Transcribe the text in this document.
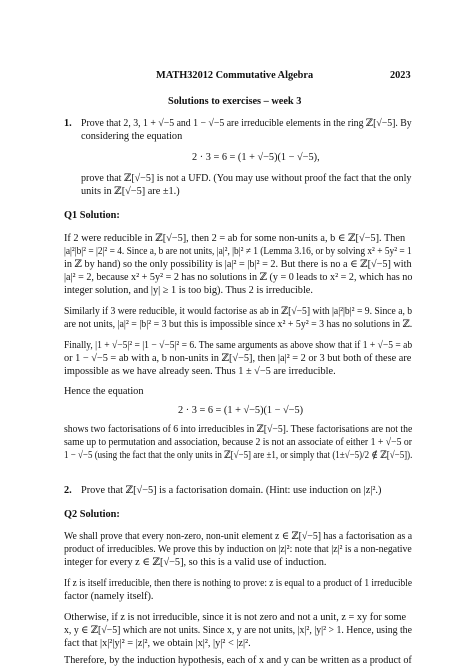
MATH32012 Commutative Algebra	2023
Solutions to exercises – week 3
1. Prove that 2, 3, 1 + √−5 and 1 − √−5 are irreducible elements in the ring ℤ[√−5]. By
considering the equation
2 · 3 = 6 = (1 + √−5)(1 − √−5),
prove that ℤ[√−5] is not a UFD. (You may use without proof the fact that the only
units in ℤ[√−5] are ±1.)
Q1 Solution:
If 2 were reducible in ℤ[√−5], then 2 = ab for some non-units a, b ∈ ℤ[√−5]. Then
|a|²|b|² = |2|² = 4. Since a, b are not units, |a|², |b|² ≠ 1 (Lemma 3.16, or by solving x² + 5y² = 1
in ℤ by hand) so the only possibility is |a|² = |b|² = 2. But there is no a ∈ ℤ[√−5] with
|a|² = 2, because x² + 5y² = 2 has no solutions in ℤ (y = 0 leads to x² = 2, which has no
integer solution, and |y| ≥ 1 is too big). Thus 2 is irreducible.
Similarly if 3 were reducible, it would factorise as ab in ℤ[√−5] with |a|²|b|² = 9. Since a, b
are not units, |a|² = |b|² = 3 but this is impossible since x² + 5y² = 3 has no solutions in ℤ.
Finally, |1 + √−5|² = |1 − √−5|² = 6. The same arguments as above show that if 1 + √−5 = ab
or 1 − √−5 = ab with a, b non-units in ℤ[√−5], then |a|² = 2 or 3 but both of these are
impossible as we have already seen. Thus 1 ± √−5 are irreducible.
Hence the equation
2 · 3 = 6 = (1 + √−5)(1 − √−5)
shows two factorisations of 6 into irreducibles in ℤ[√−5]. These factorisations are not the
same up to permutation and association, because 2 is not an associate of either 1 + √−5 or
1 − √−5 (using the fact that the only units in ℤ[√−5] are ±1, or simply that (1±√−5)/2 ∉ ℤ[√−5]).
2. Prove that ℤ[√−5] is a factorisation domain. (Hint: use induction on |z|².)
Q2 Solution:
We shall prove that every non-zero, non-unit element z ∈ ℤ[√−5] has a factorisation as a
product of irreducibles. We prove this by induction on |z|²: note that |z|² is a non-negative
integer for every z ∈ ℤ[√−5], so this is a valid use of induction.
If z is itself irreducible, then there is nothing to prove: z is equal to a product of 1 irreducible
factor (namely itself).
Otherwise, if z is not irreducible, since it is not zero and not a unit, z = xy for some
x, y ∈ ℤ[√−5] which are not units. Since x, y are not units, |x|², |y|² > 1. Hence, using the
fact that |x|²|y|² = |z|², we obtain |x|², |y|² < |z|².
Therefore, by the induction hypothesis, each of x and y can be written as a product of
